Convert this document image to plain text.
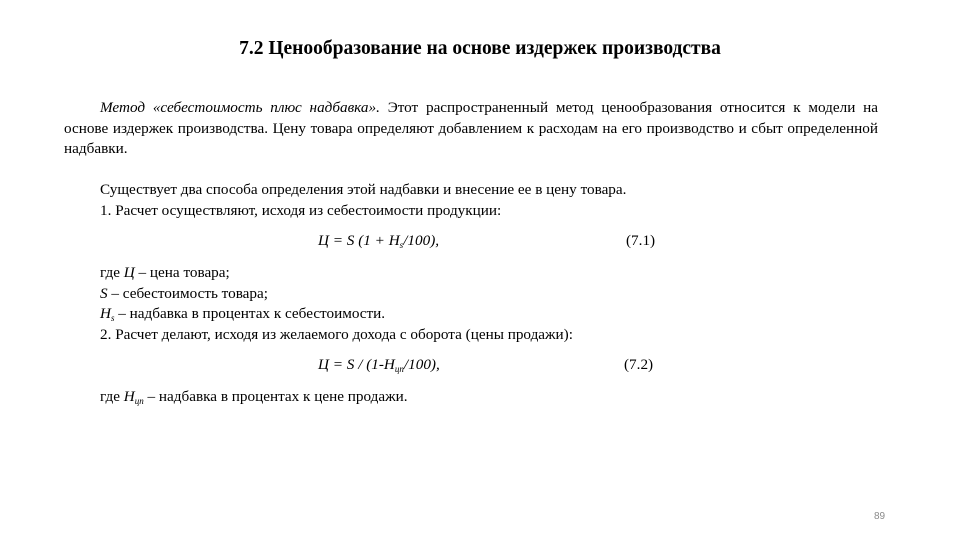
7.2 Ценообразование на основе издержек производства

Метод «себестоимость плюс надбавка». Этот распространенный метод ценообразования относится к модели на основе издержек производства. Цену товара определяют добавлением к расходам на его производство и сбыт определенной надбавки.

Существует два способа определения этой надбавки и внесение ее в цену товара.

1. Расчет осуществляют, исходя из себестоимости продукции:

Ц = S $(1 + Н_s/100)$,	(7.1)

где Ц – цена товара;

S – себестоимость товара;

$Н_s$ – надбавка в процентах к себестоимости.

2. Расчет делают, исходя из желаемого дохода с оборота (цены продажи):

$Ц = S / (1-Н_{цп}/100)$,	(7.2)

где $Н_{цп}$ – надбавка в процентах к цене продажи.

89
